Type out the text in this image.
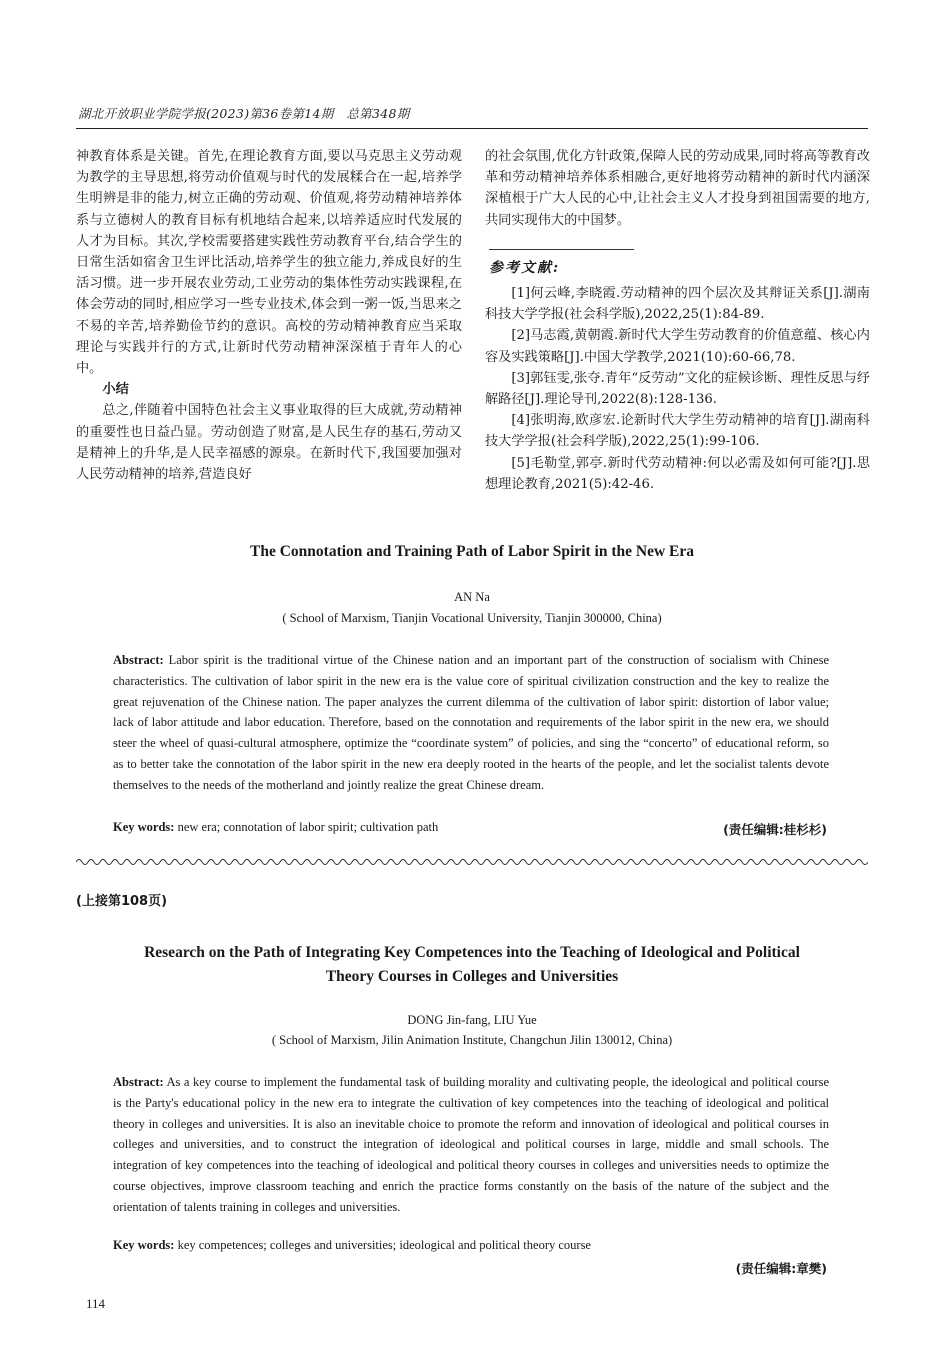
湖北开放职业学院学报(2023)第36卷第14期　总第348期

神教育体系是关键。首先,在理论教育方面,要以马克思主义劳动观为教学的主导思想,将劳动价值观与时代的发展糅合在一起,培养学生明辨是非的能力,树立正确的劳动观、价值观,将劳动精神培养体系与立德树人的教育目标有机地结合起来,以培养适应时代发展的人才为目标。其次,学校需要搭建实践性劳动教育平台,结合学生的日常生活如宿舍卫生评比活动,培养学生的独立能力,养成良好的生活习惯。进一步开展农业劳动,工业劳动的集体性劳动实践课程,在体会劳动的同时,相应学习一些专业技术,体会到一粥一饭,当思来之不易的辛苦,培养勤俭节约的意识。高校的劳动精神教育应当采取理论与实践并行的方式,让新时代劳动精神深深植于青年人的心中。

小结

总之,伴随着中国特色社会主义事业取得的巨大成就,劳动精神的重要性也日益凸显。劳动创造了财富,是人民生存的基石,劳动又是精神上的升华,是人民幸福感的源泉。在新时代下,我国要加强对人民劳动精神的培养,营造良好

的社会氛围,优化方针政策,保障人民的劳动成果,同时将高等教育改革和劳动精神培养体系相融合,更好地将劳动精神的新时代内涵深深植根于广大人民的心中,让社会主义人才投身到祖国需要的地方,共同实现伟大的中国梦。

参考文献:

[1]何云峰,李晓霞.劳动精神的四个层次及其辩证关系[J].湖南科技大学学报(社会科学版),2022,25(1):84-89.
[2]马志霞,黄朝霞.新时代大学生劳动教育的价值意蕴、核心内容及实践策略[J].中国大学教学,2021(10):60-66,78.
[3]郭钰雯,张夺.青年“反劳动”文化的症候诊断、理性反思与纾解路径[J].理论导刊,2022(8):128-136.
[4]张明海,欧彦宏.论新时代大学生劳动精神的培育[J].湖南科技大学学报(社会科学版),2022,25(1):99-106.
[5]毛勒堂,郭亭.新时代劳动精神:何以必需及如何可能?[J].思想理论教育,2021(5):42-46.
The Connotation and Training Path of Labor Spirit in the New Era
AN Na
( School of Marxism, Tianjin Vocational University, Tianjin 300000, China)
Abstract: Labor spirit is the traditional virtue of the Chinese nation and an important part of the construction of socialism with Chinese characteristics. The cultivation of labor spirit in the new era is the value core of spiritual civilization construction and the key to realize the great rejuvenation of the Chinese nation. The paper analyzes the current dilemma of the cultivation of labor spirit: distortion of labor value; lack of labor attitude and labor education. Therefore, based on the connotation and requirements of the labor spirit in the new era, we should steer the wheel of quasi-cultural atmosphere, optimize the “coordinate system” of policies, and sing the “concerto” of educational reform, so as to better take the connotation of the labor spirit in the new era deeply rooted in the hearts of the people, and let the socialist talents devote themselves to the needs of the motherland and jointly realize the great Chinese dream.
Key words: new era; connotation of labor spirit; cultivation path	(责任编辑:桂杉杉)
(上接第108页)
Research on the Path of Integrating Key Competences into the Teaching of Ideological and Political
Theory Courses in Colleges and Universities
DONG Jin-fang, LIU Yue
( School of Marxism, Jilin Animation Institute, Changchun Jilin 130012, China)
Abstract: As a key course to implement the fundamental task of building morality and cultivating people, the ideological and political course is the Party's educational policy in the new era to integrate the cultivation of key competences into the teaching of ideological and political theory in colleges and universities. It is also an inevitable choice to promote the reform and innovation of ideological and political courses in colleges and universities, and to construct the integration of ideological and political courses in large, middle and small schools. The integration of key competences into the teaching of ideological and political theory courses in colleges and universities needs to optimize the course objectives, improve classroom teaching and enrich the practice forms constantly on the basis of the nature of the subject and the orientation of talents training in colleges and universities.
Key words: key competences; colleges and universities; ideological and political theory course
(责任编辑:章樊)
114
